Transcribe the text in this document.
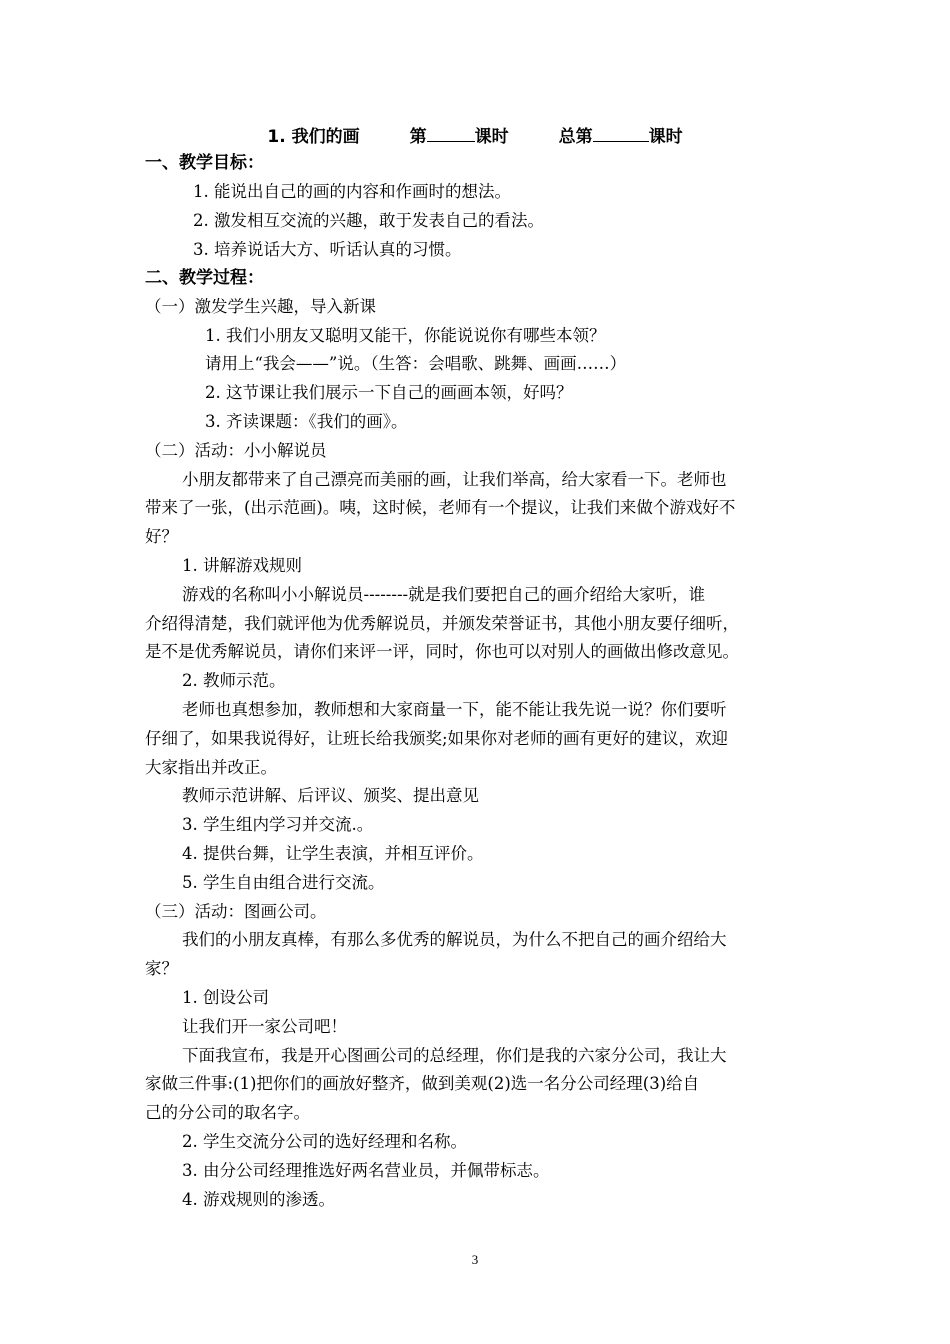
1. 我们的画	第	课时	总第	课时
一、教学目标：
1. 能说出自己的画的内容和作画时的想法。
2. 激发相互交流的兴趣，敢于发表自己的看法。
3. 培养说话大方、听话认真的习惯。
二、教学过程：
（一）激发学生兴趣，导入新课
1. 我们小朋友又聪明又能干，你能说说你有哪些本领？
请用上“我会——”说。（生答：会唱歌、跳舞、画画……）
2. 这节课让我们展示一下自己的画画本领，好吗？
3. 齐读课题：《我们的画》。
（二）活动：小小解说员
小朋友都带来了自己漂亮而美丽的画，让我们举高，给大家看一下。老师也
带来了一张，(出示范画)。咦，这时候，老师有一个提议，让我们来做个游戏好不
好？
1. 讲解游戏规则
游戏的名称叫小小解说员--------就是我们要把自己的画介绍给大家听，谁
介绍得清楚，我们就评他为优秀解说员，并颁发荣誉证书，其他小朋友要仔细听，
是不是优秀解说员，请你们来评一评，同时，你也可以对别人的画做出修改意见。
2. 教师示范。
老师也真想参加，教师想和大家商量一下，能不能让我先说一说？你们要听
仔细了，如果我说得好，让班长给我颁奖;如果你对老师的画有更好的建议，欢迎
大家指出并改正。
教师示范讲解、后评议、颁奖、提出意见
3. 学生组内学习并交流.。
4. 提供台舞，让学生表演，并相互评价。
5. 学生自由组合进行交流。
（三）活动：图画公司。
我们的小朋友真棒，有那么多优秀的解说员，为什么不把自己的画介绍给大
家？
1. 创设公司
让我们开一家公司吧！
下面我宣布，我是开心图画公司的总经理，你们是我的六家分公司，我让大
家做三件事:(1)把你们的画放好整齐，做到美观(2)选一名分公司经理(3)给自
己的分公司的取名字。
2. 学生交流分公司的选好经理和名称。
3. 由分公司经理推选好两名营业员，并佩带标志。
4. 游戏规则的渗透。
3
